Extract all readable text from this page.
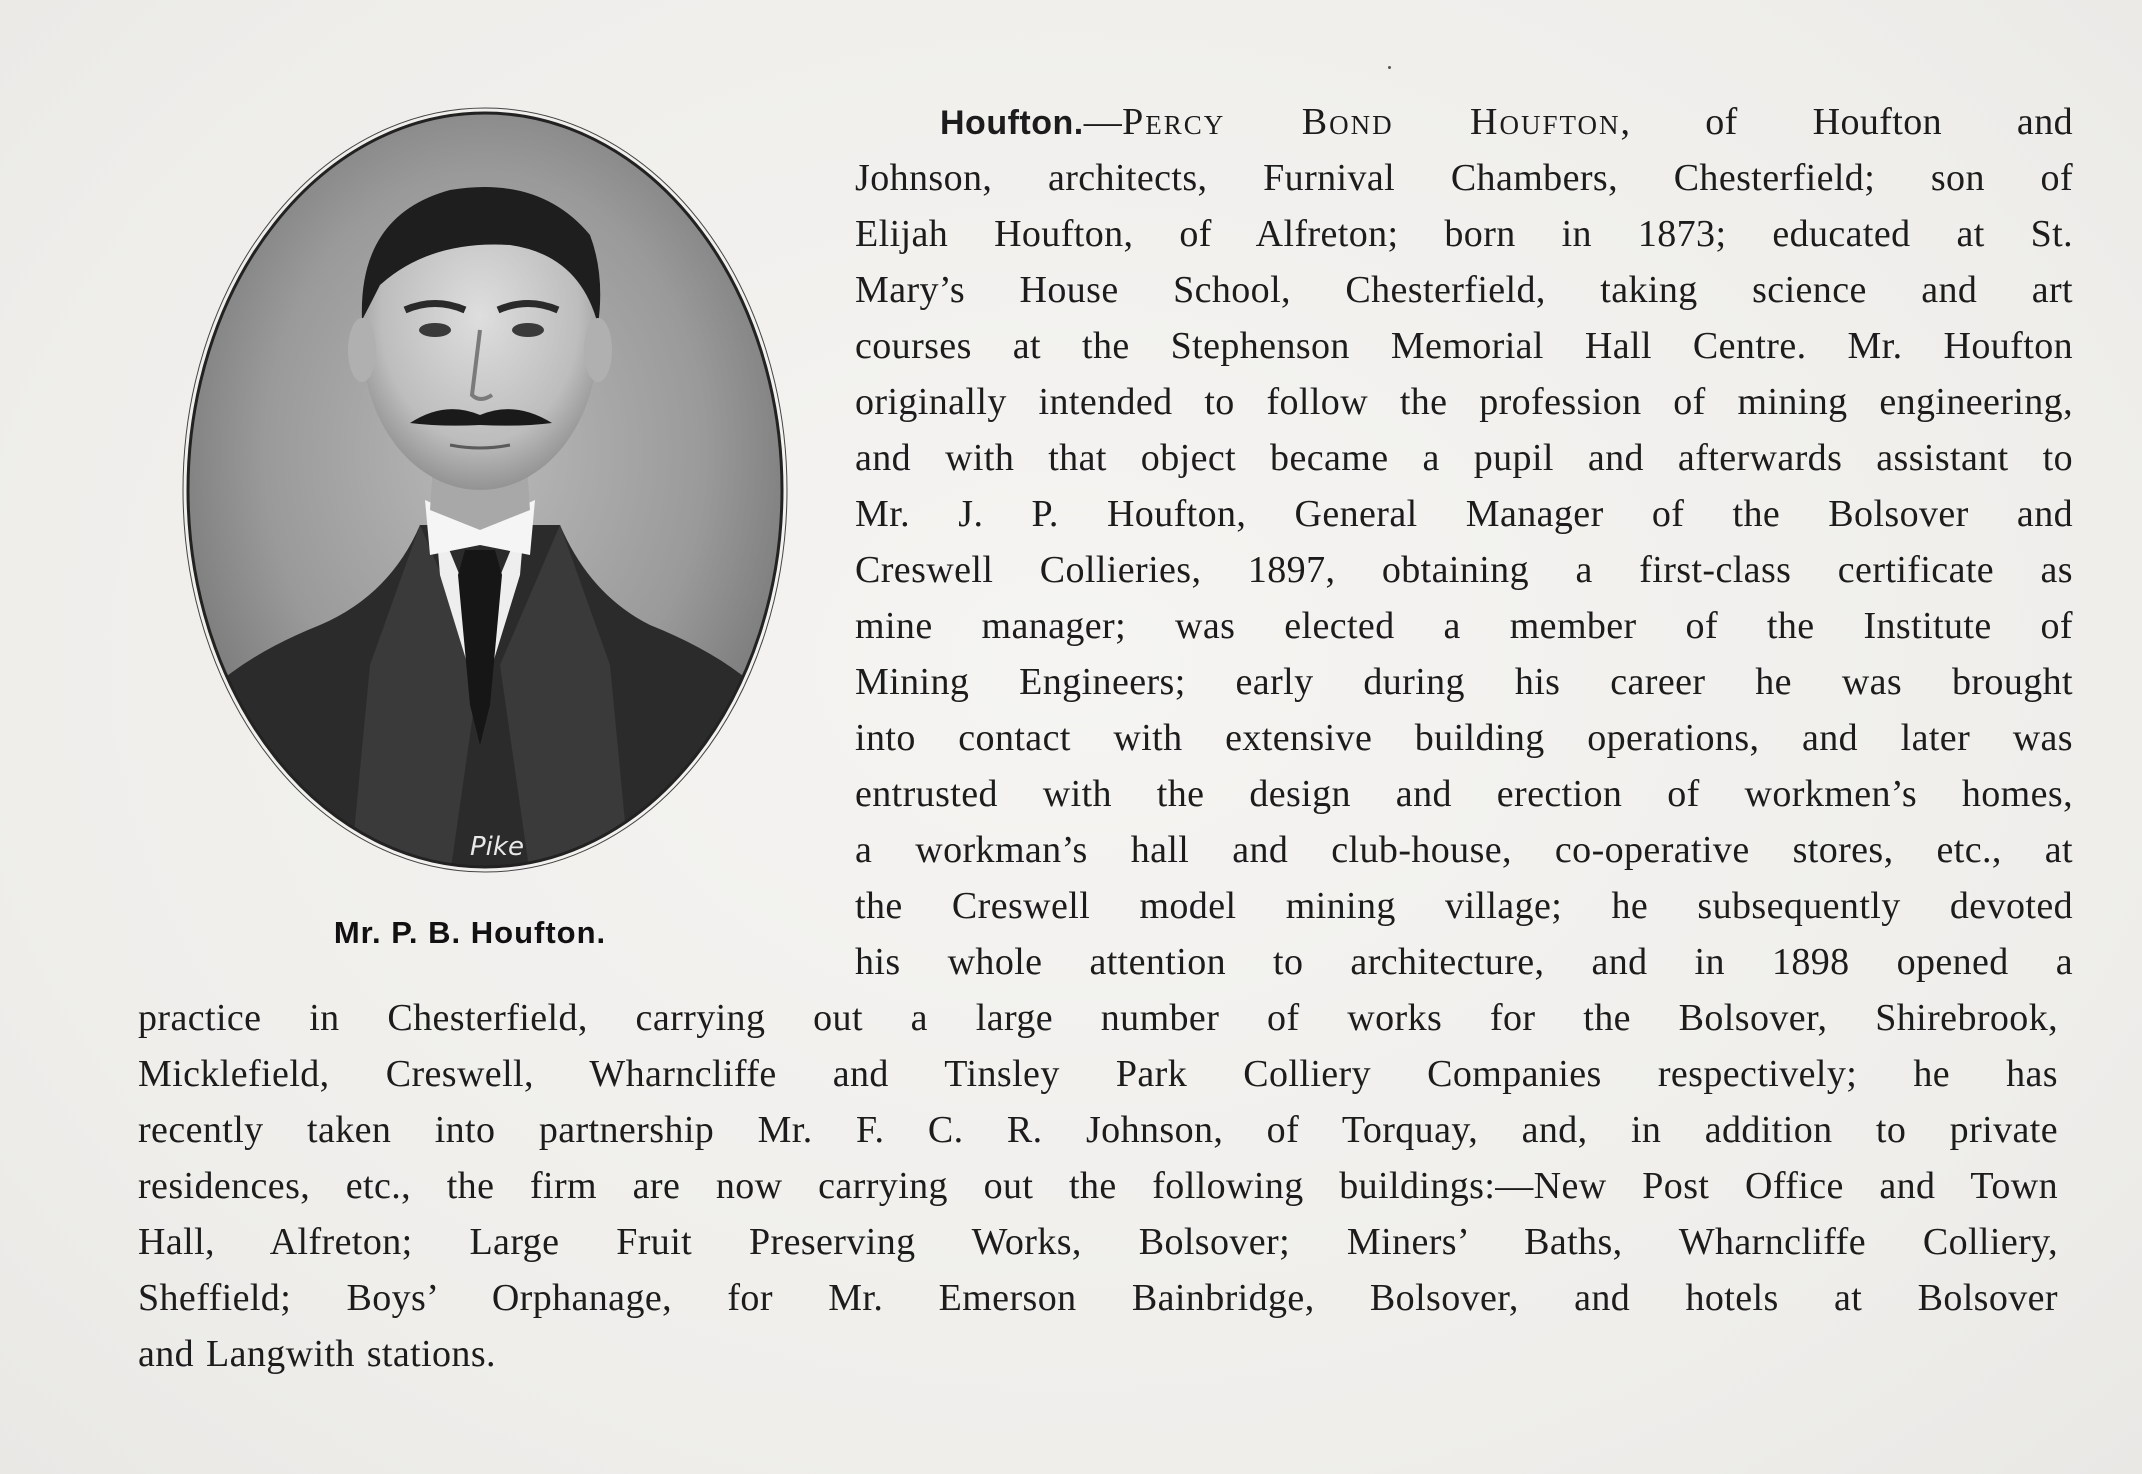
Pike
Mr. P. B. Houfton.
Houfton.—Percy Bond Houfton, of Houfton and
Johnson, architects, Furnival Chambers, Chesterfield; son of
Elijah Houfton, of Alfreton; born in 1873; educated at St.
Mary’s House School, Chesterfield, taking science and art
courses at the Stephenson Memorial Hall Centre. Mr. Houfton
originally intended to follow the profession of mining engineering,
and with that object became a pupil and afterwards assistant to
Mr. J. P. Houfton, General Manager of the Bolsover and
Creswell Collieries, 1897, obtaining a first-class certificate as
mine manager; was elected a member of the Institute of
Mining Engineers; early during his career he was brought
into contact with extensive building operations, and later was
entrusted with the design and erection of workmen’s homes,
a workman’s hall and club-house, co-operative stores, etc., at
the Creswell model mining village; he subsequently devoted
his whole attention to architecture, and in 1898 opened a
practice in Chesterfield, carrying out a large number of works for the Bolsover, Shirebrook,
Micklefield, Creswell, Wharncliffe and Tinsley Park Colliery Companies respectively; he has
recently taken into partnership Mr. F. C. R. Johnson, of Torquay, and, in addition to private
residences, etc., the firm are now carrying out the following buildings:—New Post Office and Town
Hall, Alfreton; Large Fruit Preserving Works, Bolsover; Miners’ Baths, Wharncliffe Colliery,
Sheffield; Boys’ Orphanage, for Mr. Emerson Bainbridge, Bolsover, and hotels at Bolsover
and Langwith stations.
